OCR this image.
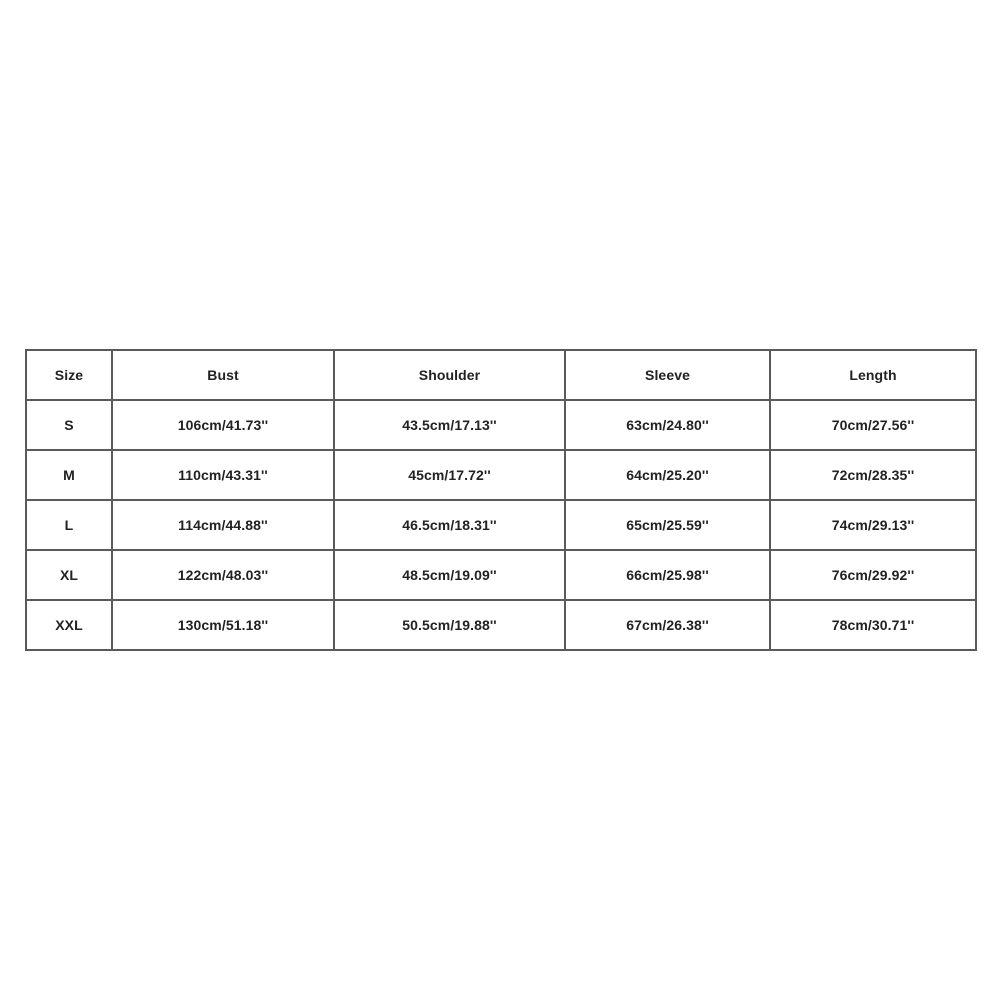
Size	Bust	Shoulder	Sleeve	Length
S	106cm/41.73''	43.5cm/17.13''	63cm/24.80''	70cm/27.56''
M	110cm/43.31''	45cm/17.72''	64cm/25.20''	72cm/28.35''
L	114cm/44.88''	46.5cm/18.31''	65cm/25.59''	74cm/29.13''
XL	122cm/48.03''	48.5cm/19.09''	66cm/25.98''	76cm/29.92''
XXL	130cm/51.18''	50.5cm/19.88''	67cm/26.38''	78cm/30.71''
